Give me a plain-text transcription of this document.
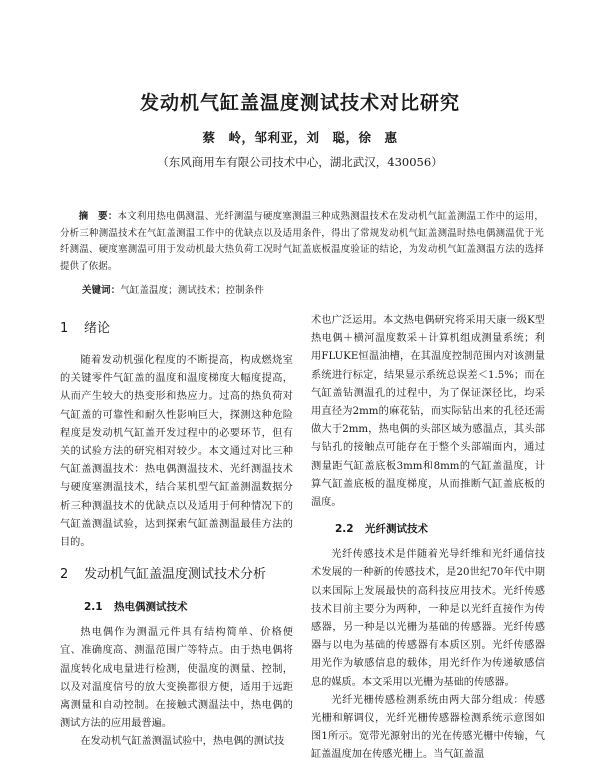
发动机气缸盖温度测试技术对比研究
蔡　岭，邹利亚，刘　聪，徐　惠
（东风商用车有限公司技术中心，湖北武汉，430056）

摘　要：本文利用热电偶测温、光纤测温与硬度塞测温三种成熟测温技术在发动机气缸盖测温工作中的运用，分析三种测温技术在气缸盖测温工作中的优缺点以及适用条件，得出了常规发动机气缸盖测温时热电偶测温优于光纤测温、硬度塞测温可用于发动机最大热负荷工况时气缸盖底板温度验证的结论，为发动机气缸盖测温方法的选择提供了依据。

关键词：气缸盖温度；测试技术；控制条件
1 绪论

随着发动机强化程度的不断提高，构成燃烧室的关键零件气缸盖的温度和温度梯度大幅度提高，从而产生较大的热变形和热应力。过高的热负荷对气缸盖的可靠性和耐久性影响巨大，探测这种危险程度是发动机气缸盖开发过程中的必要环节，但有关的试验方法的研究相对较少。本文通过对比三种气缸盖测温技术：热电偶测温技术、光纤测温技术与硬度塞测温技术，结合某机型气缸盖测温数据分析三种测温技术的优缺点以及适用于何种情况下的气缸盖测温试验，达到探索气缸盖测温最佳方法的目的。

2 发动机气缸盖温度测试技术分析
2.1 热电偶测试技术

热电偶作为测温元件具有结构简单、价格便宜、准确度高、测温范围广等特点。由于热电偶将温度转化成电量进行检测，使温度的测量、控制，以及对温度信号的放大变换都很方便，适用于远距离测量和自动控制。在接触式测温法中，热电偶的测试方法的应用最普遍。

在发动机气缸盖测温试验中，热电偶的测试技

术也广泛运用。本文热电偶研究将采用天康一级K型热电偶＋横河温度数采＋计算机组成测量系统；利用FLUKE恒温油槽，在其温度控制范围内对该测量系统进行标定，结果显示系统总误差＜1.5%；而在气缸盖钻测温孔的过程中，为了保证深径比，均采用直径为2mm的麻花钻，而实际钻出来的孔径还需做大于2mm，热电偶的头部区域为感温点，其头部与钻孔的接触点可能存在于整个头部端面内，通过测量距气缸盖底板3mm和8mm的气缸盖温度，计算气缸盖底板的温度梯度，从而推断气缸盖底板的温度。

2.2 光纤测试技术

光纤传感技术是伴随着光导纤维和光纤通信技术发展的一种新的传感技术，是20世纪70年代中期以来国际上发展最快的高科技应用技术。光纤传感技术目前主要分为两种，一种是以光纤直接作为传感器，另一种是以光栅为基础的传感器。光纤传感器与以电为基础的传感器有本质区别。光纤传感器用光作为敏感信息的载体，用光纤作为传递敏感信息的媒质。本文采用以光栅为基础的传感器。

光纤光栅传感检测系统由两大部分组成：传感光栅和解调仪，光纤光栅传感器检测系统示意图如图1所示。宽带光源射出的光在传感光栅中传输，气缸盖温度加在传感光栅上。当气缸盖温
